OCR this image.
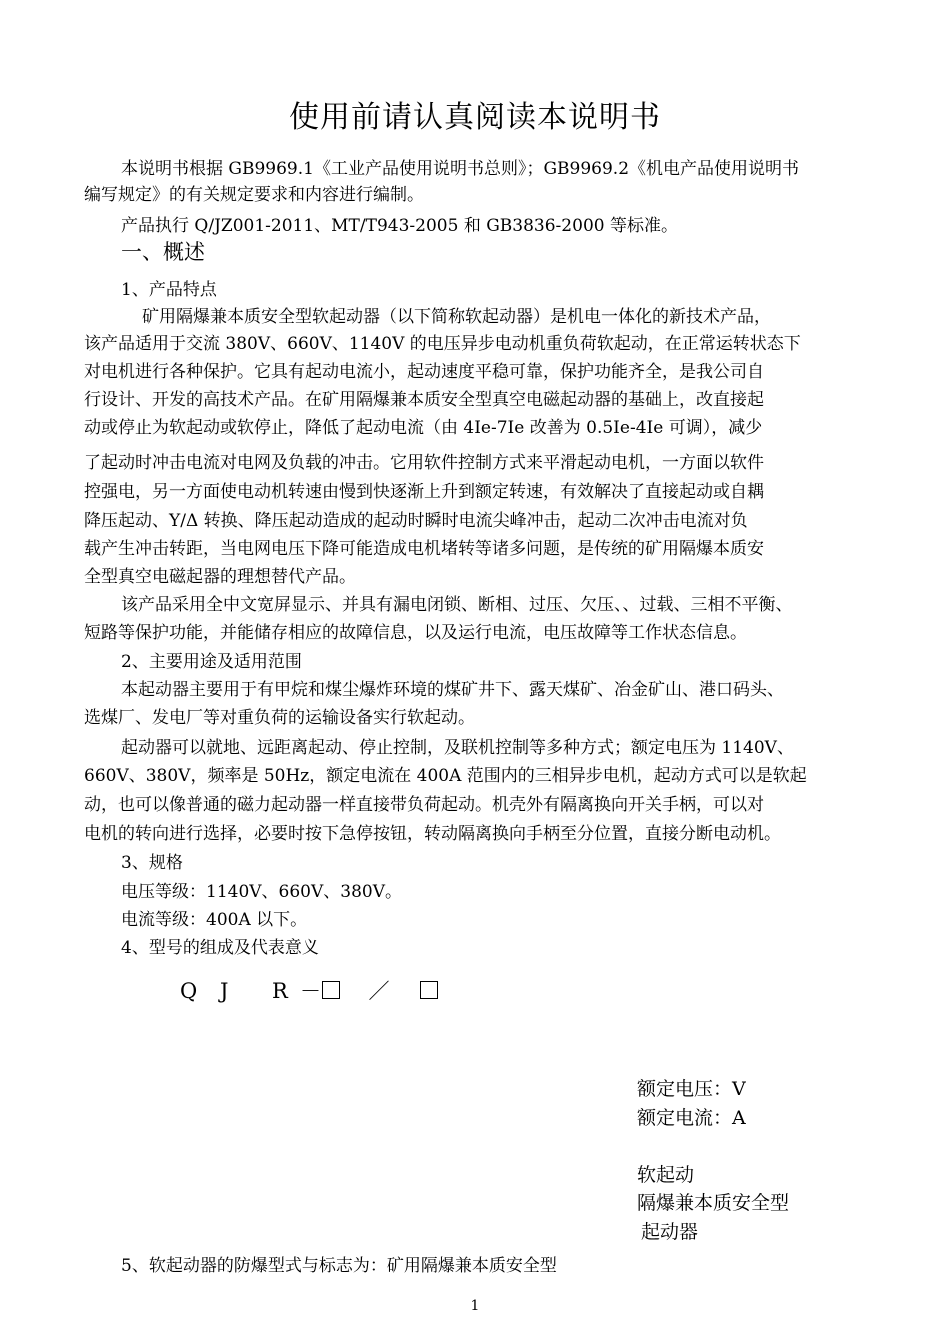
使用前请认真阅读本说明书
本说明书根据 GB9969.1《工业产品使用说明书总则》；GB9969.2《机电产品使用说明书
编写规定》的有关规定要求和内容进行编制。
产品执行 Q/JZ001-2011、MT/T943-2005 和 GB3836-2000 等标准。
一、概述
1、产品特点
矿用隔爆兼本质安全型软起动器（以下简称软起动器）是机电一体化的新技术产品，
该产品适用于交流 380V、660V、1140V 的电压异步电动机重负荷软起动，在正常运转状态下
对电机进行各种保护。它具有起动电流小，起动速度平稳可靠，保护功能齐全，是我公司自
行设计、开发的高技术产品。在矿用隔爆兼本质安全型真空电磁起动器的基础上，改直接起
动或停止为软起动或软停止，降低了起动电流（由 4Ie-7Ie 改善为 0.5Ie-4Ie 可调），减少
了起动时冲击电流对电网及负载的冲击。它用软件控制方式来平滑起动电机，一方面以软件
控强电，另一方面使电动机转速由慢到快逐渐上升到额定转速，有效解决了直接起动或自耦
降压起动、Y/Δ 转换、降压起动造成的起动时瞬时电流尖峰冲击，起动二次冲击电流对负
载产生冲击转距，当电网电压下降可能造成电机堵转等诸多问题，是传统的矿用隔爆本质安
全型真空电磁起器的理想替代产品。
该产品采用全中文宽屏显示、并具有漏电闭锁、断相、过压、欠压、、过载、三相不平衡、
短路等保护功能，并能储存相应的故障信息，以及运行电流，电压故障等工作状态信息。
2、主要用途及适用范围
本起动器主要用于有甲烷和煤尘爆炸环境的煤矿井下、露天煤矿、冶金矿山、港口码头、
选煤厂、发电厂等对重负荷的运输设备实行软起动。
起动器可以就地、远距离起动、停止控制，及联机控制等多种方式；额定电压为 1140V、
660V、380V，频率是 50Hz，额定电流在 400A 范围内的三相异步电机，起动方式可以是软起
动，也可以像普通的磁力起动器一样直接带负荷起动。机壳外有隔离换向开关手柄，可以对
电机的转向进行选择，必要时按下急停按钮，转动隔离换向手柄至分位置，直接分断电动机。
3、规格
电压等级：1140V、660V、380V。
电流等级：400A 以下。
4、型号的组成及代表意义
Q J R － ／
额定电压：V
额定电流：A
软起动
隔爆兼本质安全型
起动器
5、软起动器的防爆型式与标志为：矿用隔爆兼本质安全型
1
